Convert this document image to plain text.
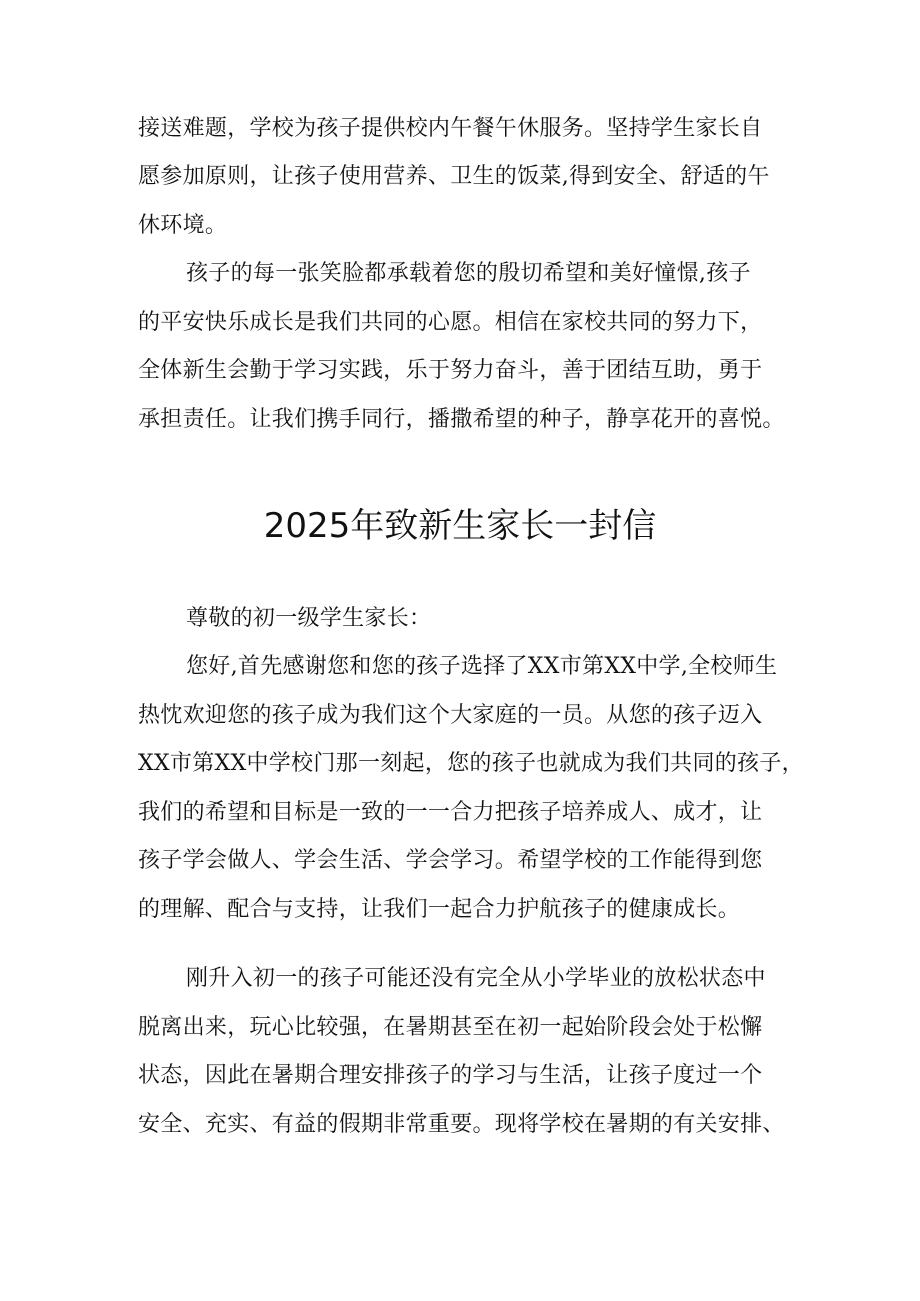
接送难题，学校为孩子提供校内午餐午休服务。坚持学生家长自
愿参加原则，让孩子使用营养、卫生的饭菜,得到安全、舒适的午
休环境。
孩子的每一张笑脸都承载着您的殷切希望和美好憧憬,孩子
的平安快乐成长是我们共同的心愿。相信在家校共同的努力下，
全体新生会勤于学习实践，乐于努力奋斗，善于团结互助，勇于
承担责任。让我们携手同行，播撒希望的种子，静享花开的喜悦。
2025年致新生家长一封信
尊敬的初一级学生家长：
您好,首先感谢您和您的孩子选择了XX市第XX中学,全校师生
热忱欢迎您的孩子成为我们这个大家庭的一员。从您的孩子迈入
XX市第XX中学校门那一刻起，您的孩子也就成为我们共同的孩子，
我们的希望和目标是一致的一一合力把孩子培养成人、成才，让
孩子学会做人、学会生活、学会学习。希望学校的工作能得到您
的理解、配合与支持，让我们一起合力护航孩子的健康成长。
刚升入初一的孩子可能还没有完全从小学毕业的放松状态中
脱离出来，玩心比较强，在暑期甚至在初一起始阶段会处于松懈
状态，因此在暑期合理安排孩子的学习与生活，让孩子度过一个
安全、充实、有益的假期非常重要。现将学校在暑期的有关安排、
